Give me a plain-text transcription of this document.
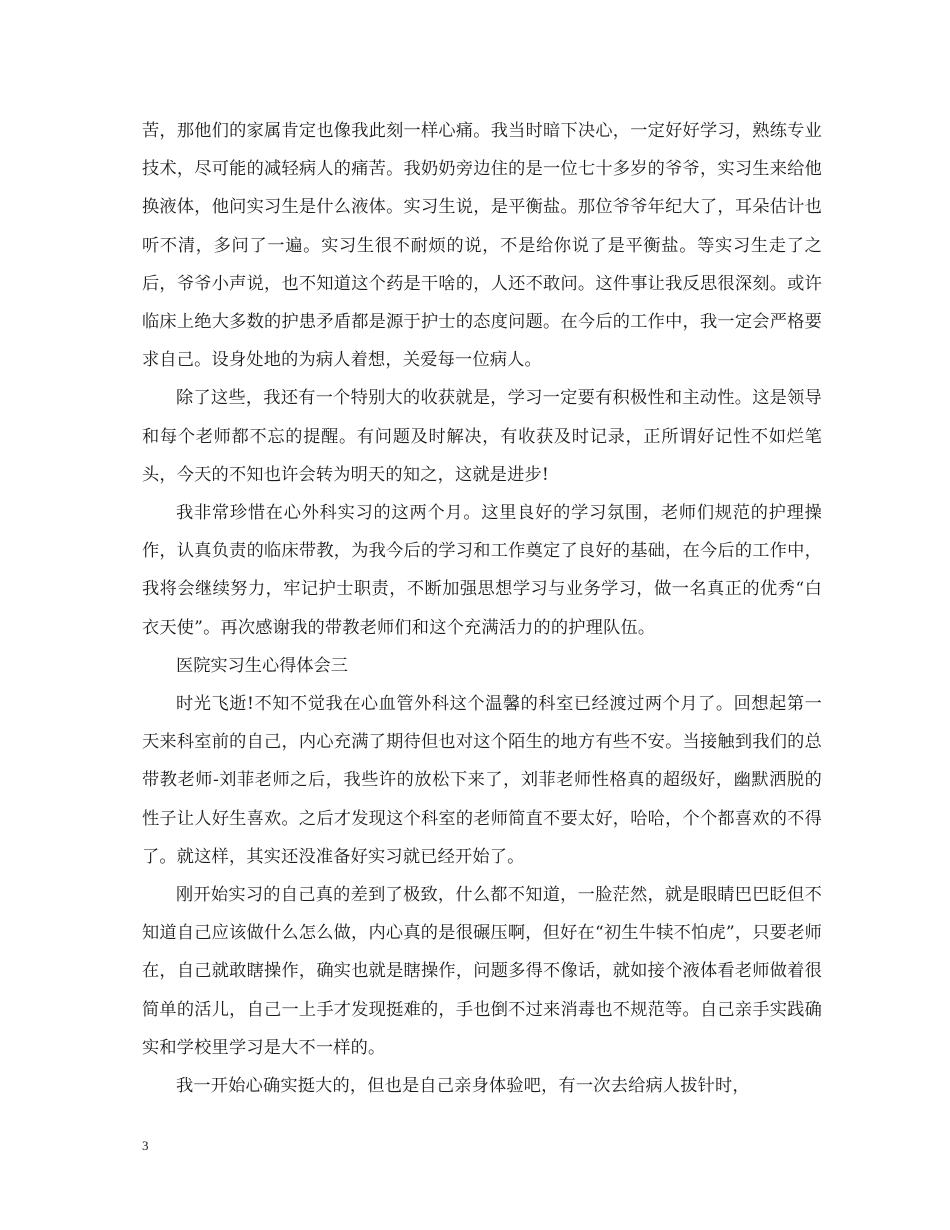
苦，那他们的家属肯定也像我此刻一样心痛。我当时暗下决心，一定好好学习，熟练专业技术，尽可能的减轻病人的痛苦。我奶奶旁边住的是一位七十多岁的爷爷，实习生来给他换液体，他问实习生是什么液体。实习生说，是平衡盐。那位爷爷年纪大了，耳朵估计也听不清，多问了一遍。实习生很不耐烦的说，不是给你说了是平衡盐。等实习生走了之后，爷爷小声说，也不知道这个药是干啥的，人还不敢问。这件事让我反思很深刻。或许临床上绝大多数的护患矛盾都是源于护士的态度问题。在今后的工作中，我一定会严格要求自己。设身处地的为病人着想，关爱每一位病人。

除了这些，我还有一个特别大的收获就是，学习一定要有积极性和主动性。这是领导和每个老师都不忘的提醒。有问题及时解决，有收获及时记录，正所谓好记性不如烂笔头，今天的不知也许会转为明天的知之，这就是进步!

我非常珍惜在心外科实习的这两个月。这里良好的学习氛围，老师们规范的护理操作，认真负责的临床带教，为我今后的学习和工作奠定了良好的基础，在今后的工作中，我将会继续努力，牢记护士职责，不断加强思想学习与业务学习，做一名真正的优秀“白衣天使”。再次感谢我的带教老师们和这个充满活力的的护理队伍。

医院实习生心得体会三

时光飞逝!不知不觉我在心血管外科这个温馨的科室已经渡过两个月了。回想起第一天来科室前的自己，内心充满了期待但也对这个陌生的地方有些不安。当接触到我们的总带教老师-刘菲老师之后，我些许的放松下来了，刘菲老师性格真的超级好，幽默洒脱的性子让人好生喜欢。之后才发现这个科室的老师简直不要太好，哈哈，个个都喜欢的不得了。就这样，其实还没准备好实习就已经开始了。

刚开始实习的自己真的差到了极致，什么都不知道，一脸茫然，就是眼睛巴巴眨但不知道自己应该做什么怎么做，内心真的是很碾压啊，但好在“初生牛犊不怕虎”，只要老师在，自己就敢瞎操作，确实也就是瞎操作，问题多得不像话，就如接个液体看老师做着很简单的活儿，自己一上手才发现挺难的，手也倒不过来消毒也不规范等。自己亲手实践确实和学校里学习是大不一样的。

我一开始心确实挺大的，但也是自己亲身体验吧，有一次去给病人拔针时，

3
